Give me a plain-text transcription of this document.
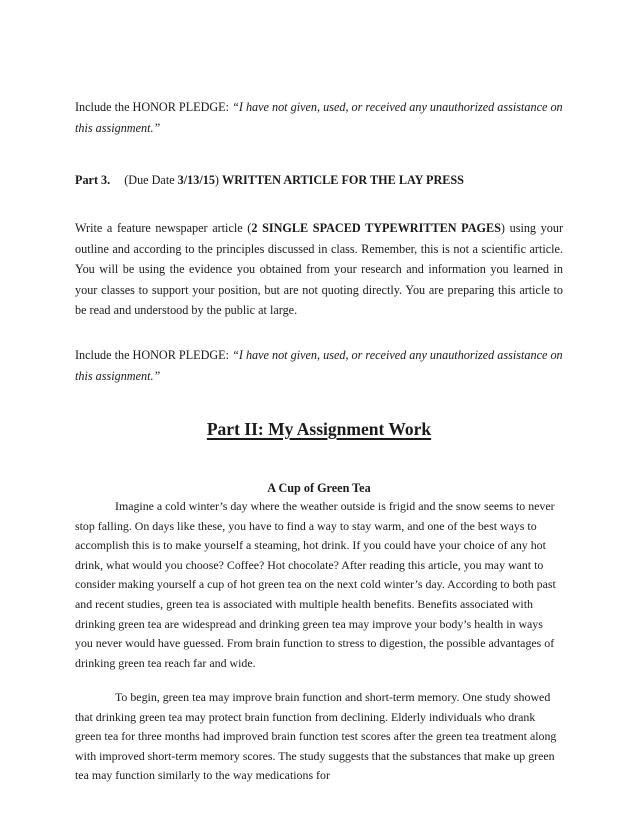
Include the HONOR PLEDGE: “I have not given, used, or received any unauthorized assistance on this assignment.”

Part 3. (Due Date 3/13/15) WRITTEN ARTICLE FOR THE LAY PRESS

Write a feature newspaper article (2 SINGLE SPACED TYPEWRITTEN PAGES) using your outline and according to the principles discussed in class. Remember, this is not a scientific article. You will be using the evidence you obtained from your research and information you learned in your classes to support your position, but are not quoting directly. You are preparing this article to be read and understood by the public at large.

Include the HONOR PLEDGE: “I have not given, used, or received any unauthorized assistance on this assignment.”

Part II: My Assignment Work
A Cup of Green Tea

Imagine a cold winter’s day where the weather outside is frigid and the snow seems to never stop falling. On days like these, you have to find a way to stay warm, and one of the best ways to accomplish this is to make yourself a steaming, hot drink. If you could have your choice of any hot drink, what would you choose? Coffee? Hot chocolate? After reading this article, you may want to consider making yourself a cup of hot green tea on the next cold winter’s day. According to both past and recent studies, green tea is associated with multiple health benefits. Benefits associated with drinking green tea are widespread and drinking green tea may improve your body’s health in ways you never would have guessed. From brain function to stress to digestion, the possible advantages of drinking green tea reach far and wide.

To begin, green tea may improve brain function and short-term memory. One study showed that drinking green tea may protect brain function from declining. Elderly individuals who drank green tea for three months had improved brain function test scores after the green tea treatment along with improved short-term memory scores. The study suggests that the substances that make up green tea may function similarly to the way medications for
